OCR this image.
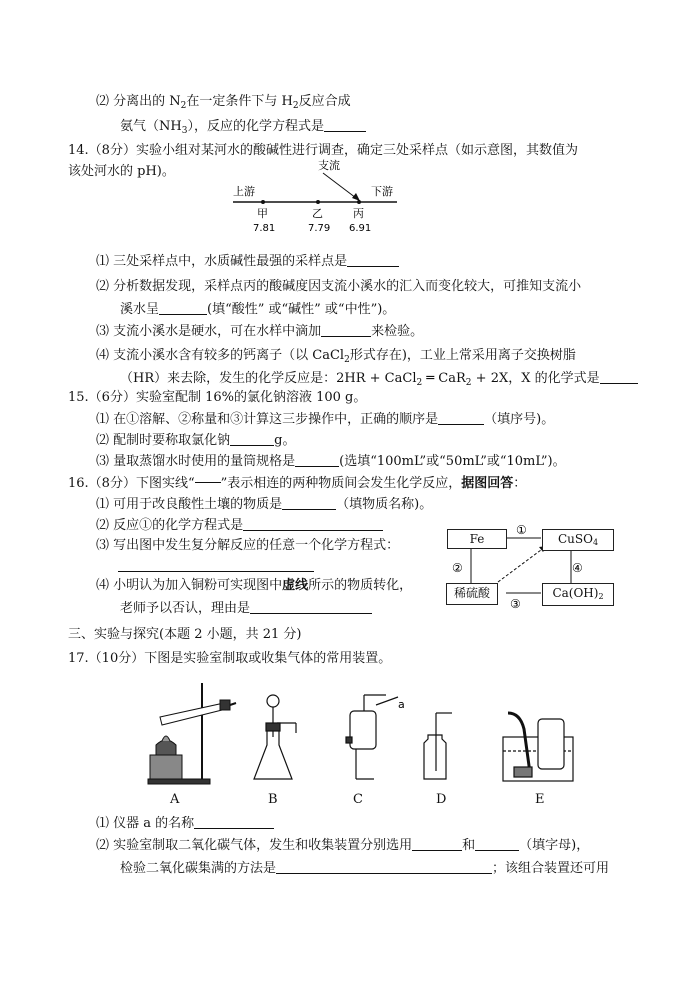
⑵ 分离出的 $N_2$在一定条件下与 $H_2$反应合成
氨气$(NH_3)$，反应的化学方程式是
14.（8分）实验小组对某河水的酸碱性进行调查，确定三处采样点（如示意图，其数值为
该处河水的 pH)。	支流
上游	下游
甲	乙	丙
7.81	7.79 6.91
⑴ 三处采样点中，水质碱性最强的采样点是
⑵ 分析数据发现，采样点丙的酸碱度因支流小溪水的汇入而变化较大，可推知支流小
溪水呈	(填“酸性” 或“碱性” 或“中性”)。
⑶ 支流小溪水是硬水，可在水样中滴加	来检验。
⑷ 支流小溪水含有较多的钙离子（以 CaCl$_2$形式存在)，工业上常采用离子交换树脂
（HR）来去除，发生的化学反应是：2HR + CaCl$_2$ ═ CaR$_2$ + 2X，X 的化学式是
15.（6分）实验室配制 16%的氯化钠溶液 100 g。
⑴ 在①溶解、②称量和③计算这三步操作中，正确的顺序是	（填序号)。
⑵ 配制时要称取氯化钠	g。
⑶ 量取蒸馏水时使用的量筒规格是	(选填“100mL”或“50mL”或“10mL”)。
16.（8分）下图实线“ ”表示相连的两种物质间会发生化学反应，据图回答：
⑴ 可用于改良酸性土壤的物质是	（填物质名称)。
⑵ 反应①的化学方程式是
⑶ 写出图中发生复分解反应的任意一个化学方程式：
⑷ 小明认为加入铜粉可实现图中虚线所示的物质转化，
老师予以否认，理由是
①
②
③
④
Fe	CuSO$_4$
稀硫酸	$Ca(OH)_2$
三、实验与探究(本题 2 小题，共 21 分)
17.（10分）下图是实验室制取或收集气体的常用装置。
a
A	B	C	D	E
⑴ 仪器 a 的名称
⑵ 实验室制取二氧化碳气体，发生和收集装置分别选用	和	（填字母)，
检验二氧化碳集满的方法是	；该组合装置还可用
